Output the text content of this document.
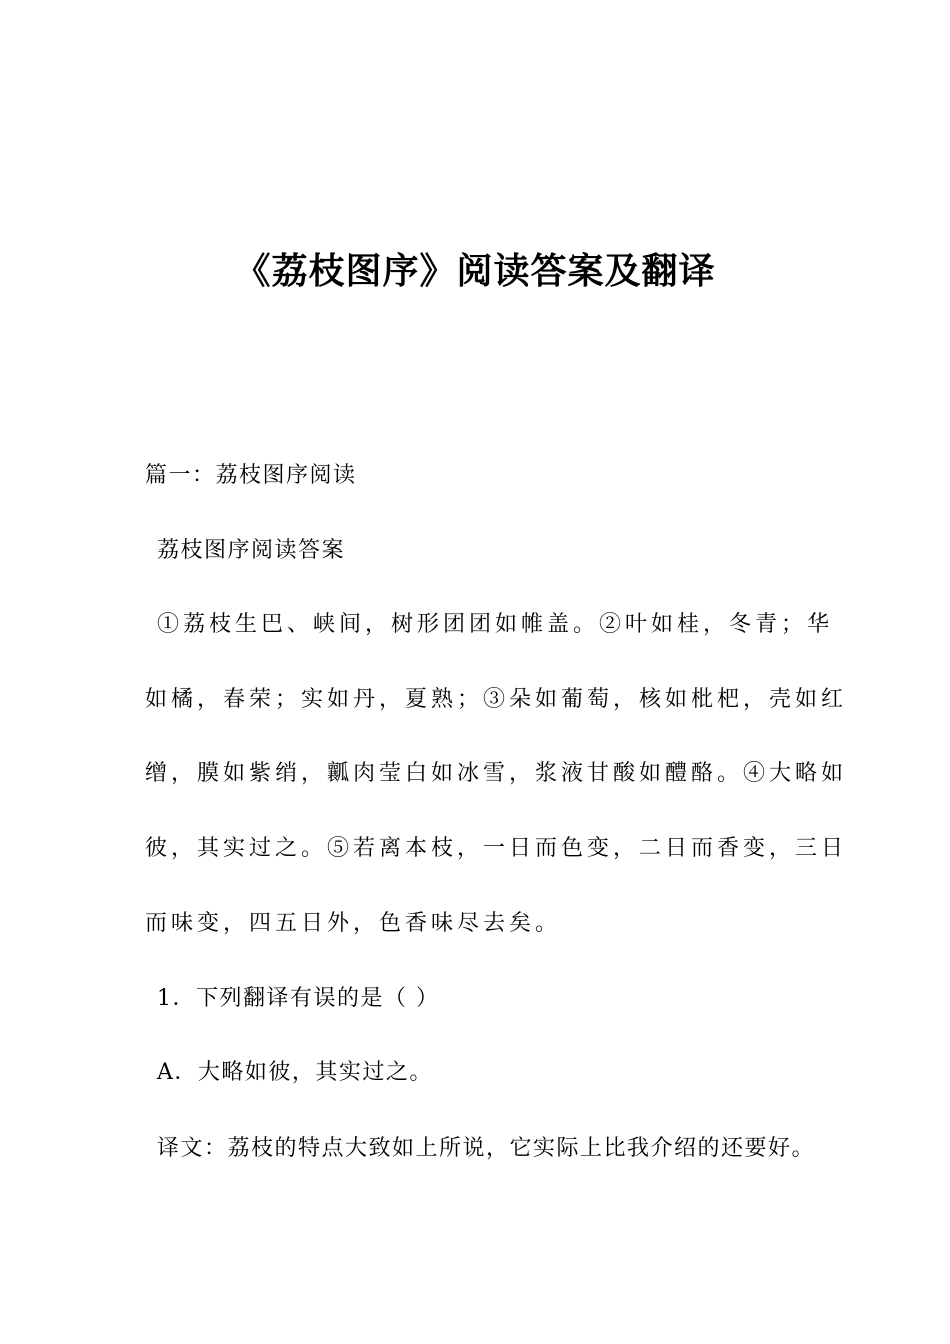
《荔枝图序》阅读答案及翻译
篇一：荔枝图序阅读
荔枝图序阅读答案
①荔枝生巴、峡间，树形团团如帷盖。②叶如桂，冬青；华
如橘，春荣；实如丹，夏熟；③朵如葡萄，核如枇杷，壳如红
缯，膜如紫绡，瓤肉莹白如冰雪，浆液甘酸如醴酪。④大略如
彼，其实过之。⑤若离本枝，一日而色变，二日而香变，三日
而味变，四五日外，色香味尽去矣。
1．下列翻译有误的是（ ）
A．大略如彼，其实过之。
译文：荔枝的特点大致如上所说，它实际上比我介绍的还要好。
